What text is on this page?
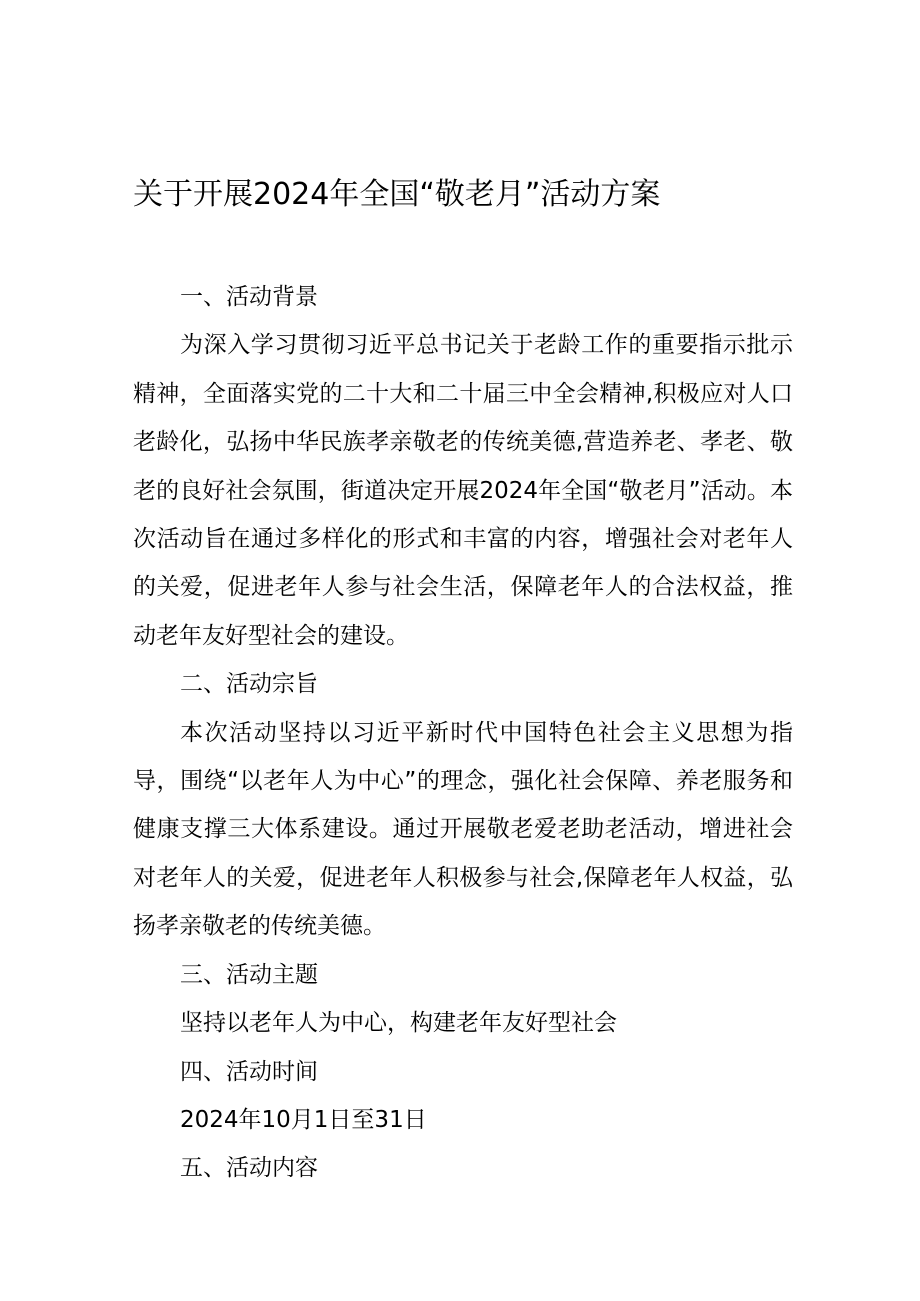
关于开展2024年全国“敬老月”活动方案
一、活动背景

为深入学习贯彻习近平总书记关于老龄工作的重要指示批示精神，全面落实党的二十大和二十届三中全会精神,积极应对人口老龄化，弘扬中华民族孝亲敬老的传统美德,营造养老、孝老、敬老的良好社会氛围，街道决定开展2024年全国“敬老月”活动。本次活动旨在通过多样化的形式和丰富的内容，增强社会对老年人的关爱，促进老年人参与社会生活，保障老年人的合法权益，推动老年友好型社会的建设。

二、活动宗旨

本次活动坚持以习近平新时代中国特色社会主义思想为指导，围绕“以老年人为中心”的理念，强化社会保障、养老服务和健康支撑三大体系建设。通过开展敬老爱老助老活动，增进社会对老年人的关爱，促进老年人积极参与社会,保障老年人权益，弘扬孝亲敬老的传统美德。

三、活动主题

坚持以老年人为中心，构建老年友好型社会

四、活动时间

2024年10月1日至31日

五、活动内容
